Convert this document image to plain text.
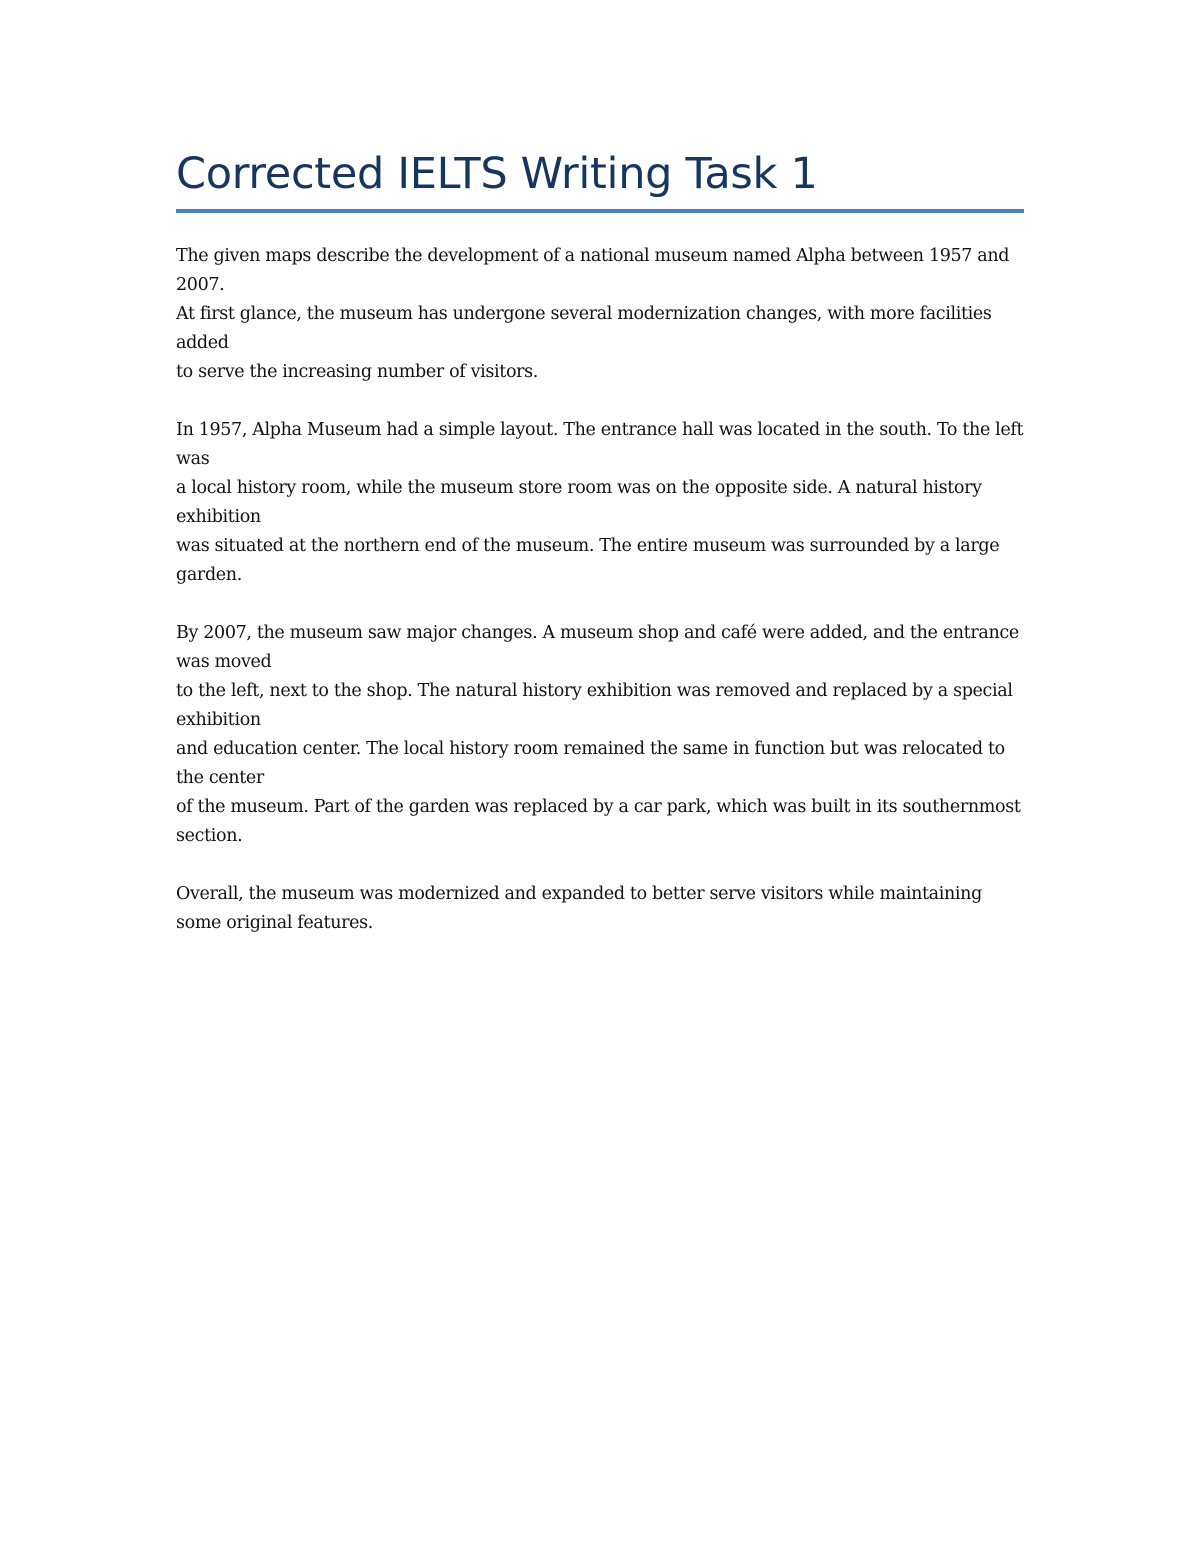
Corrected IELTS Writing Task 1

The given maps describe the development of a national museum named Alpha between 1957 and 2007.
At first glance, the museum has undergone several modernization changes, with more facilities added
to serve the increasing number of visitors.

In 1957, Alpha Museum had a simple layout. The entrance hall was located in the south. To the left was
a local history room, while the museum store room was on the opposite side. A natural history exhibition
was situated at the northern end of the museum. The entire museum was surrounded by a large garden.

By 2007, the museum saw major changes. A museum shop and café were added, and the entrance was moved
to the left, next to the shop. The natural history exhibition was removed and replaced by a special exhibition
and education center. The local history room remained the same in function but was relocated to the center
of the museum. Part of the garden was replaced by a car park, which was built in its southernmost section.

Overall, the museum was modernized and expanded to better serve visitors while maintaining some original features.
